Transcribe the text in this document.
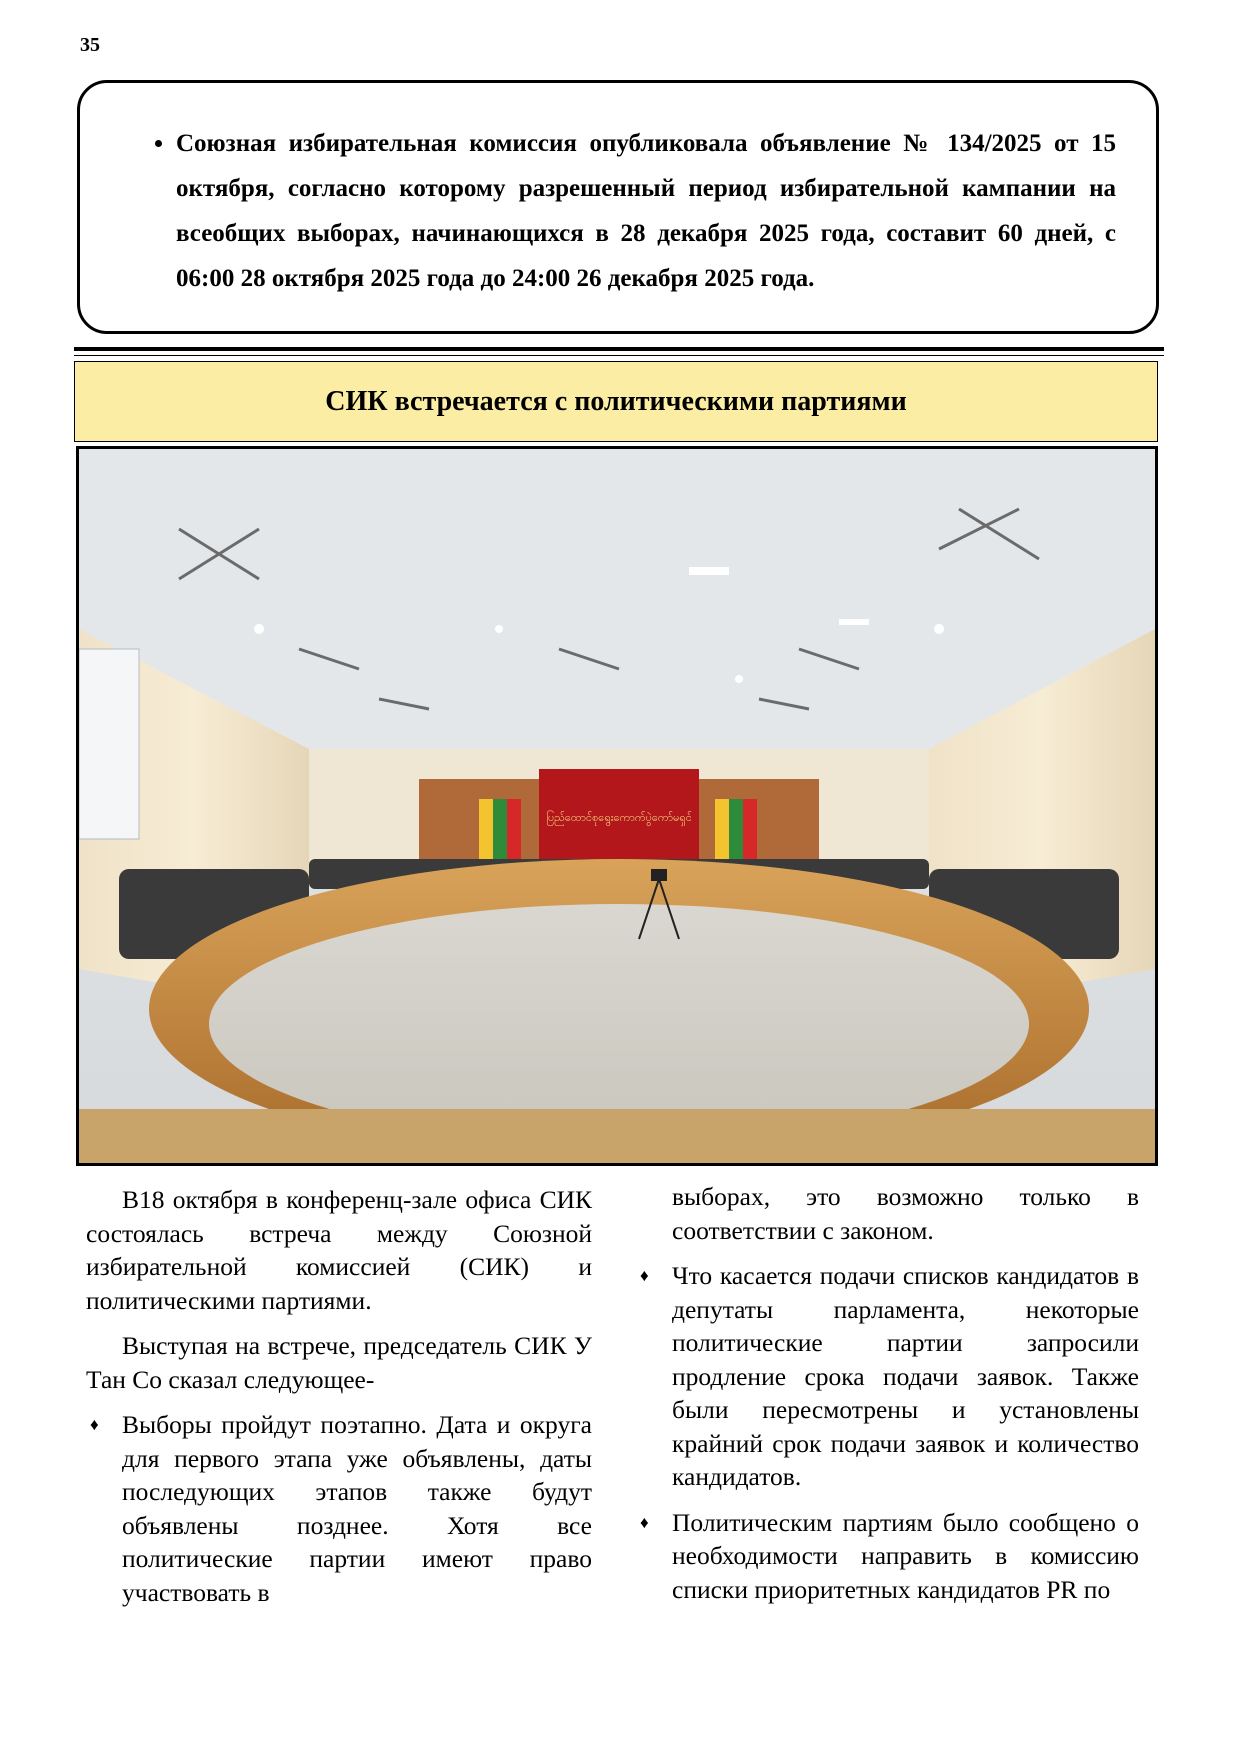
35
• Союзная избирательная комиссия опубликовала объявление № 134/2025 от 15 октября, согласно которому разрешенный период избирательной кампании на всеобщих выборах, начинающихся в 28 декабря 2025 года, составит 60 дней, с 06:00 28 октября 2025 года до 24:00 26 декабря 2025 года.
СИК встречается с политическими партиями
ပြည်ထောင်စုရွေးကောက်ပွဲကော်မရှင်

В18 октября в конференц-зале офиса СИК состоялась встреча между Союзной избирательной комиссией (СИК) и политическими партиями.

Выступая на встрече, председатель СИК У Тан Со сказал следующее-

♦ Выборы пройдут поэтапно. Дата и округа для первого этапа уже объявлены, даты последующих этапов также будут объявлены позднее. Хотя все политические партии имеют право участвовать в

выборах, это возможно только в соответствии с законом.

♦ Что касается подачи списков кандидатов в депутаты парламента, некоторые политические партии запросили продление срока подачи заявок. Также были пересмотрены и установлены крайний срок подачи заявок и количество кандидатов.
♦ Политическим партиям было сообщено о необходимости направить в комиссию списки приоритетных кандидатов PR по
